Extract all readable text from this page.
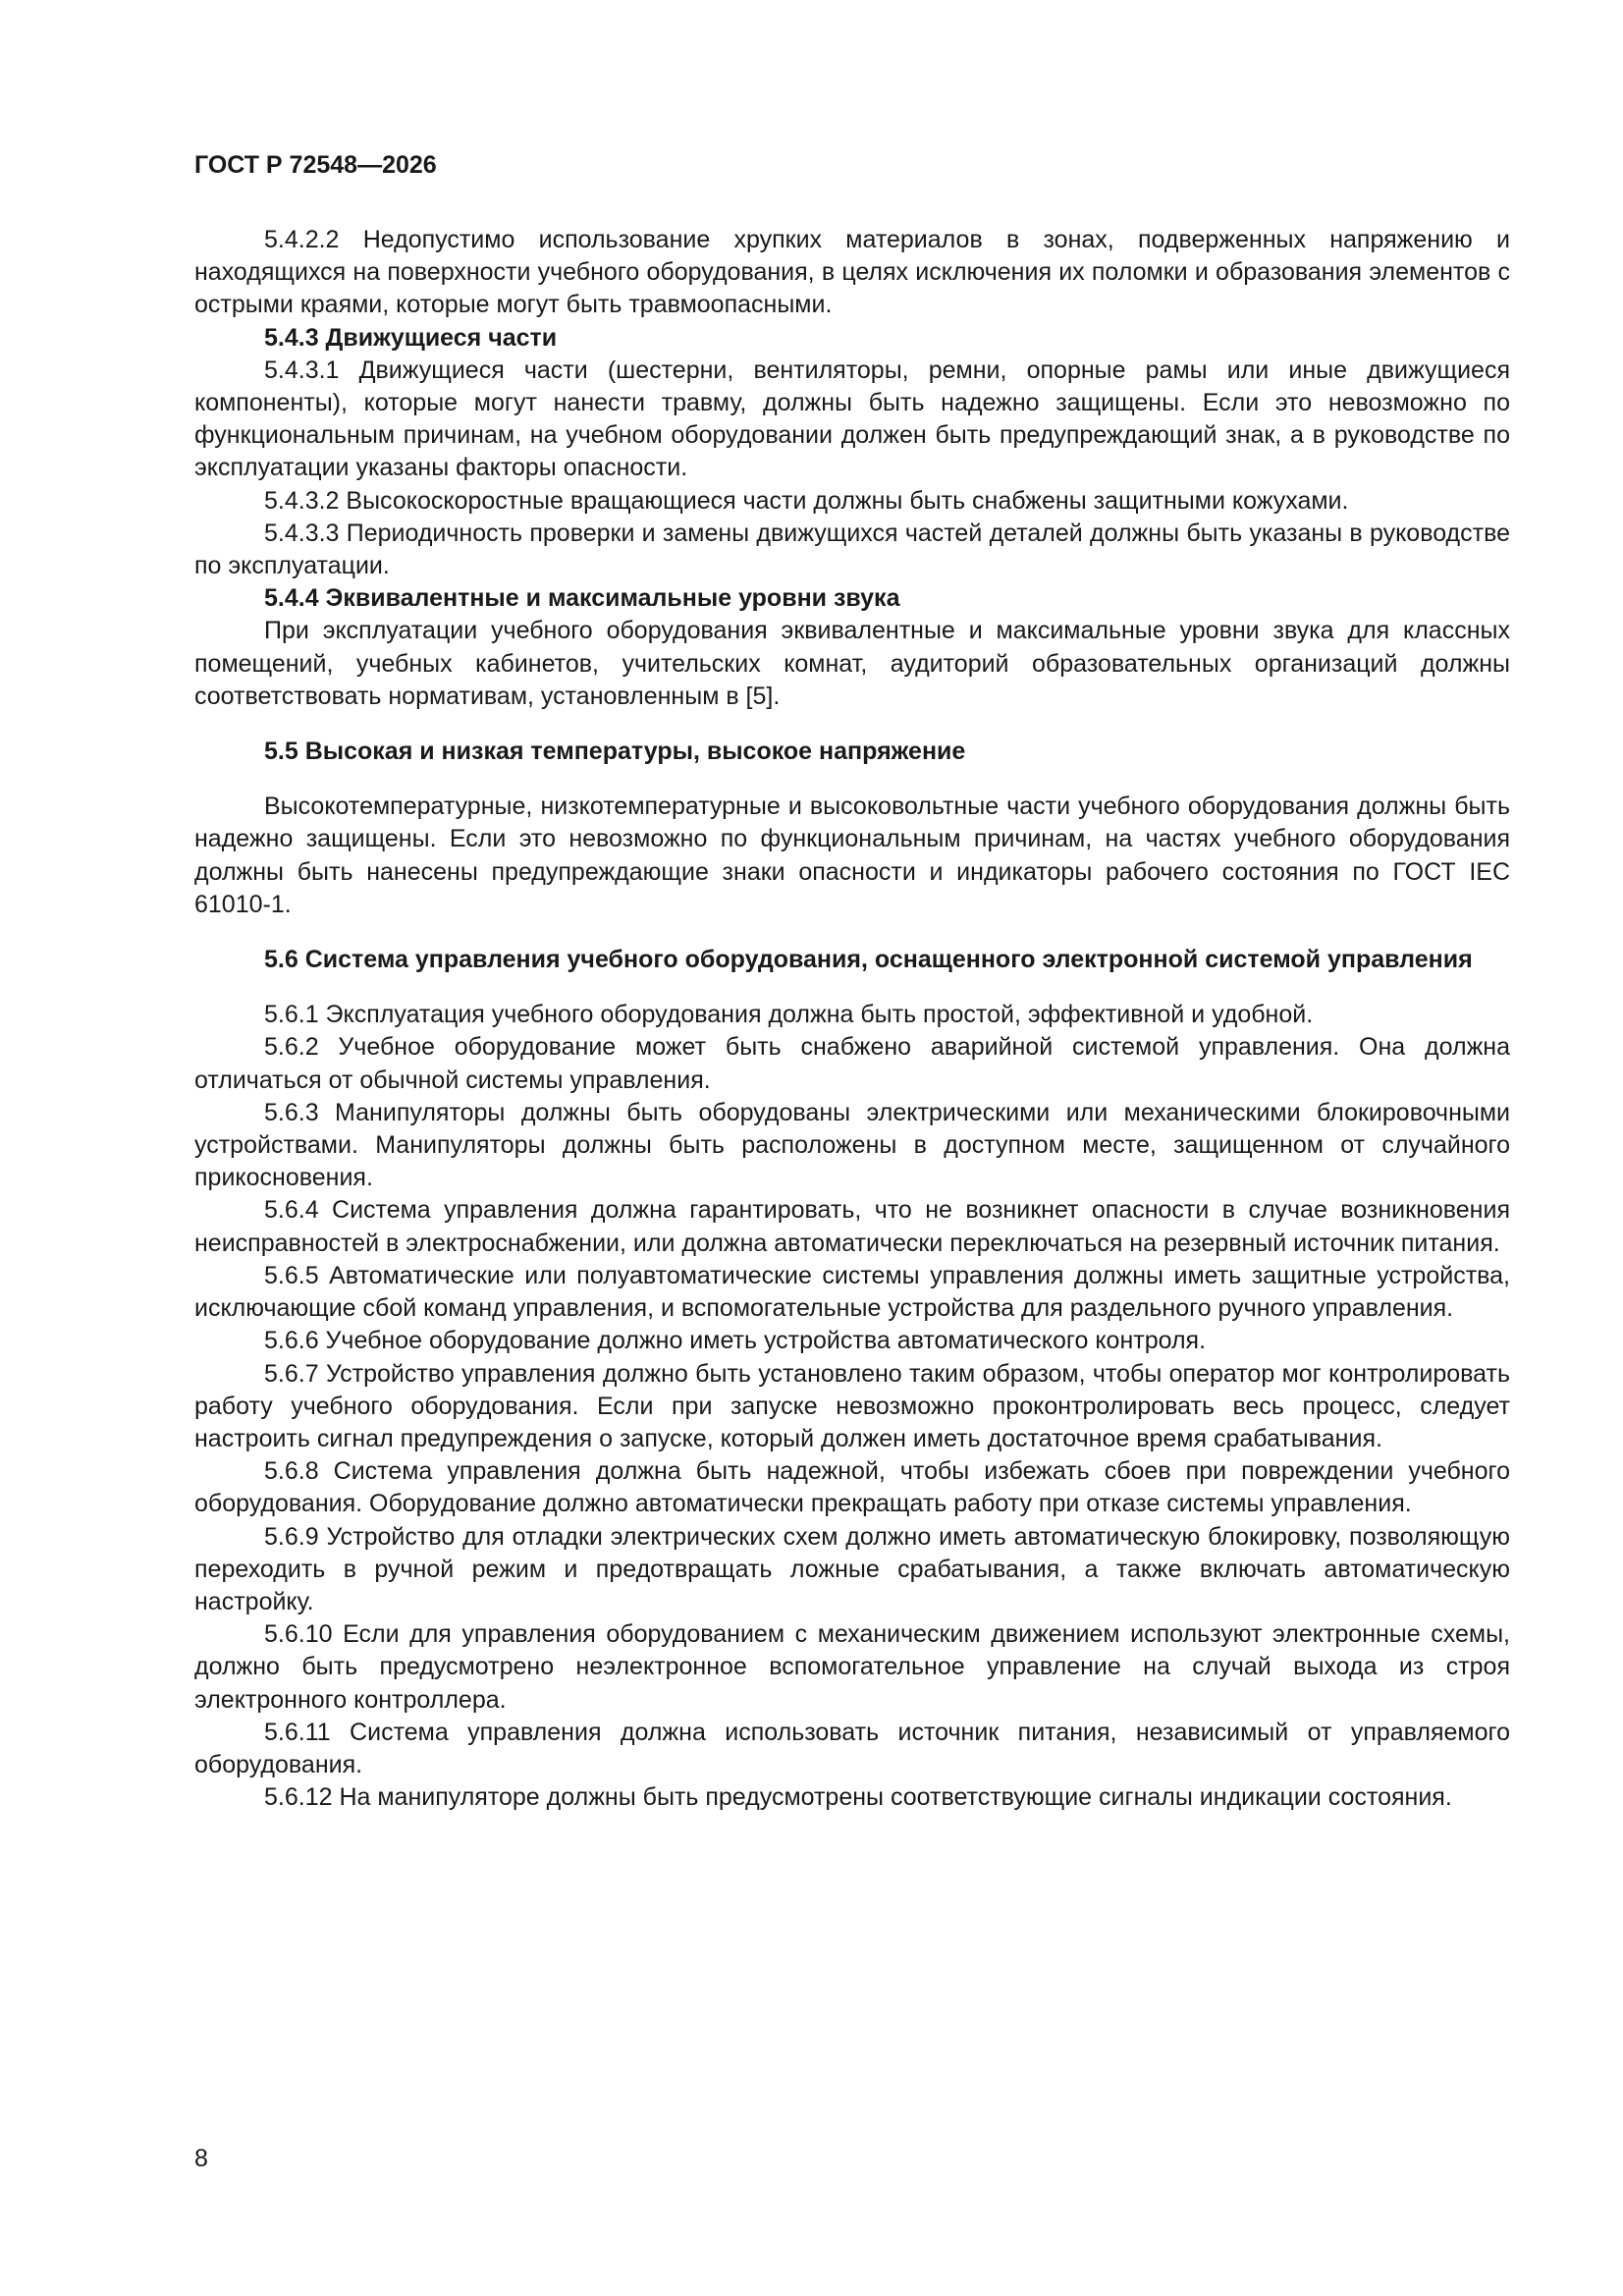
ГОСТ Р 72548—2026

5.4.2.2 Недопустимо использование хрупких материалов в зонах, подверженных напряжению и находящихся на поверхности учебного оборудования, в целях исключения их поломки и образования элементов с острыми краями, которые могут быть травмоопасными.

5.4.3 Движущиеся части

5.4.3.1 Движущиеся части (шестерни, вентиляторы, ремни, опорные рамы или иные движущиеся компоненты), которые могут нанести травму, должны быть надежно защищены. Если это невозможно по функциональным причинам, на учебном оборудовании должен быть предупреждающий знак, а в руководстве по эксплуатации указаны факторы опасности.

5.4.3.2 Высокоскоростные вращающиеся части должны быть снабжены защитными кожухами.

5.4.3.3 Периодичность проверки и замены движущихся частей деталей должны быть указаны в руководстве по эксплуатации.

5.4.4 Эквивалентные и максимальные уровни звука

При эксплуатации учебного оборудования эквивалентные и максимальные уровни звука для классных помещений, учебных кабинетов, учительских комнат, аудиторий образовательных организаций должны соответствовать нормативам, установленным в [5].

5.5 Высокая и низкая температуры, высокое напряжение

Высокотемпературные, низкотемпературные и высоковольтные части учебного оборудования должны быть надежно защищены. Если это невозможно по функциональным причинам, на частях учебного оборудования должны быть нанесены предупреждающие знаки опасности и индикаторы рабочего состояния по ГОСТ IEC 61010-1.

5.6 Система управления учебного оборудования, оснащенного электронной системой управления

5.6.1 Эксплуатация учебного оборудования должна быть простой, эффективной и удобной.

5.6.2 Учебное оборудование может быть снабжено аварийной системой управления. Она должна отличаться от обычной системы управления.

5.6.3 Манипуляторы должны быть оборудованы электрическими или механическими блокировочными устройствами. Манипуляторы должны быть расположены в доступном месте, защищенном от случайного прикосновения.

5.6.4 Система управления должна гарантировать, что не возникнет опасности в случае возникновения неисправностей в электроснабжении, или должна автоматически переключаться на резервный источник питания.

5.6.5 Автоматические или полуавтоматические системы управления должны иметь защитные устройства, исключающие сбой команд управления, и вспомогательные устройства для раздельного ручного управления.

5.6.6 Учебное оборудование должно иметь устройства автоматического контроля.

5.6.7 Устройство управления должно быть установлено таким образом, чтобы оператор мог контролировать работу учебного оборудования. Если при запуске невозможно проконтролировать весь процесс, следует настроить сигнал предупреждения о запуске, который должен иметь достаточное время срабатывания.

5.6.8 Система управления должна быть надежной, чтобы избежать сбоев при повреждении учебного оборудования. Оборудование должно автоматически прекращать работу при отказе системы управления.

5.6.9 Устройство для отладки электрических схем должно иметь автоматическую блокировку, позволяющую переходить в ручной режим и предотвращать ложные срабатывания, а также включать автоматическую настройку.

5.6.10 Если для управления оборудованием с механическим движением используют электронные схемы, должно быть предусмотрено неэлектронное вспомогательное управление на случай выхода из строя электронного контроллера.

5.6.11 Система управления должна использовать источник питания, независимый от управляемого оборудования.

5.6.12 На манипуляторе должны быть предусмотрены соответствующие сигналы индикации состояния.

8
